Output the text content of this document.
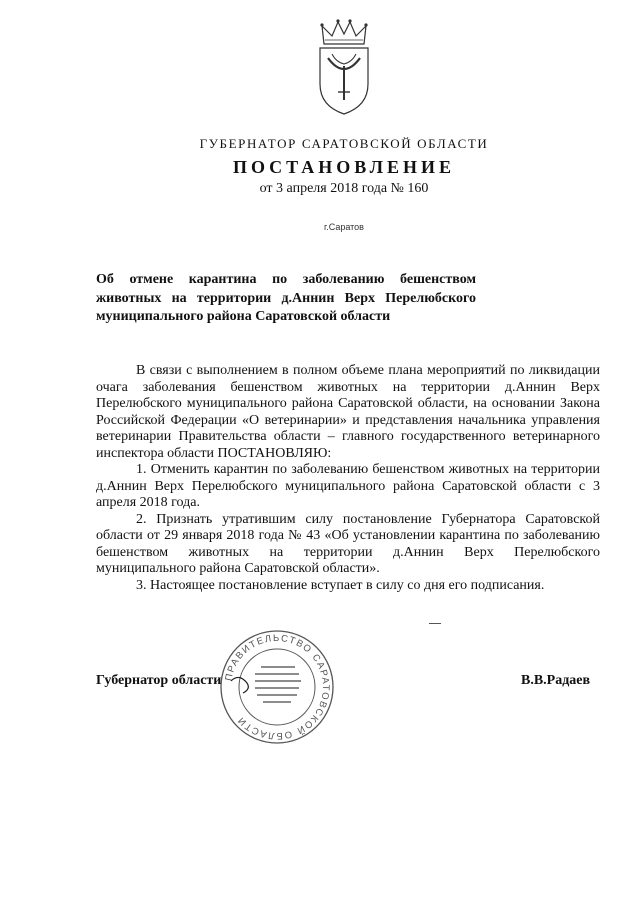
ГУБЕРНАТОР САРАТОВСКОЙ ОБЛАСТИ
ПОСТАНОВЛЕНИЕ
от 3 апреля 2018 года № 160
г.Саратов
Об отмене карантина по заболеванию бешенством животных на территории д.Аннин Верх Перелюбского муниципального района Саратовской области

В связи с выполнением в полном объеме плана мероприятий по ликвидации очага заболевания бешенством животных на территории д.Аннин Верх Перелюбского муниципального района Саратовской области, на основании Закона Российской Федерации «О ветеринарии» и представления начальника управления ветеринарии Правительства области – главного государственного ветеринарного инспектора области ПОСТАНОВЛЯЮ:

1. Отменить карантин по заболеванию бешенством животных на территории д.Аннин Верх Перелюбского муниципального района Саратовской области с 3 апреля 2018 года.

2. Признать утратившим силу постановление Губернатора Саратовской области от 29 января 2018 года № 43 «Об установлении карантина по заболеванию бешенством животных на территории д.Аннин Верх Перелюбского муниципального района Саратовской области».

3. Настоящее постановление вступает в силу со дня его подписания.

ПРАВИТЕЛЬСТВО САРАТОВСКОЙ ОБЛАСТИ
Губернатор области	В.В.Радаев
